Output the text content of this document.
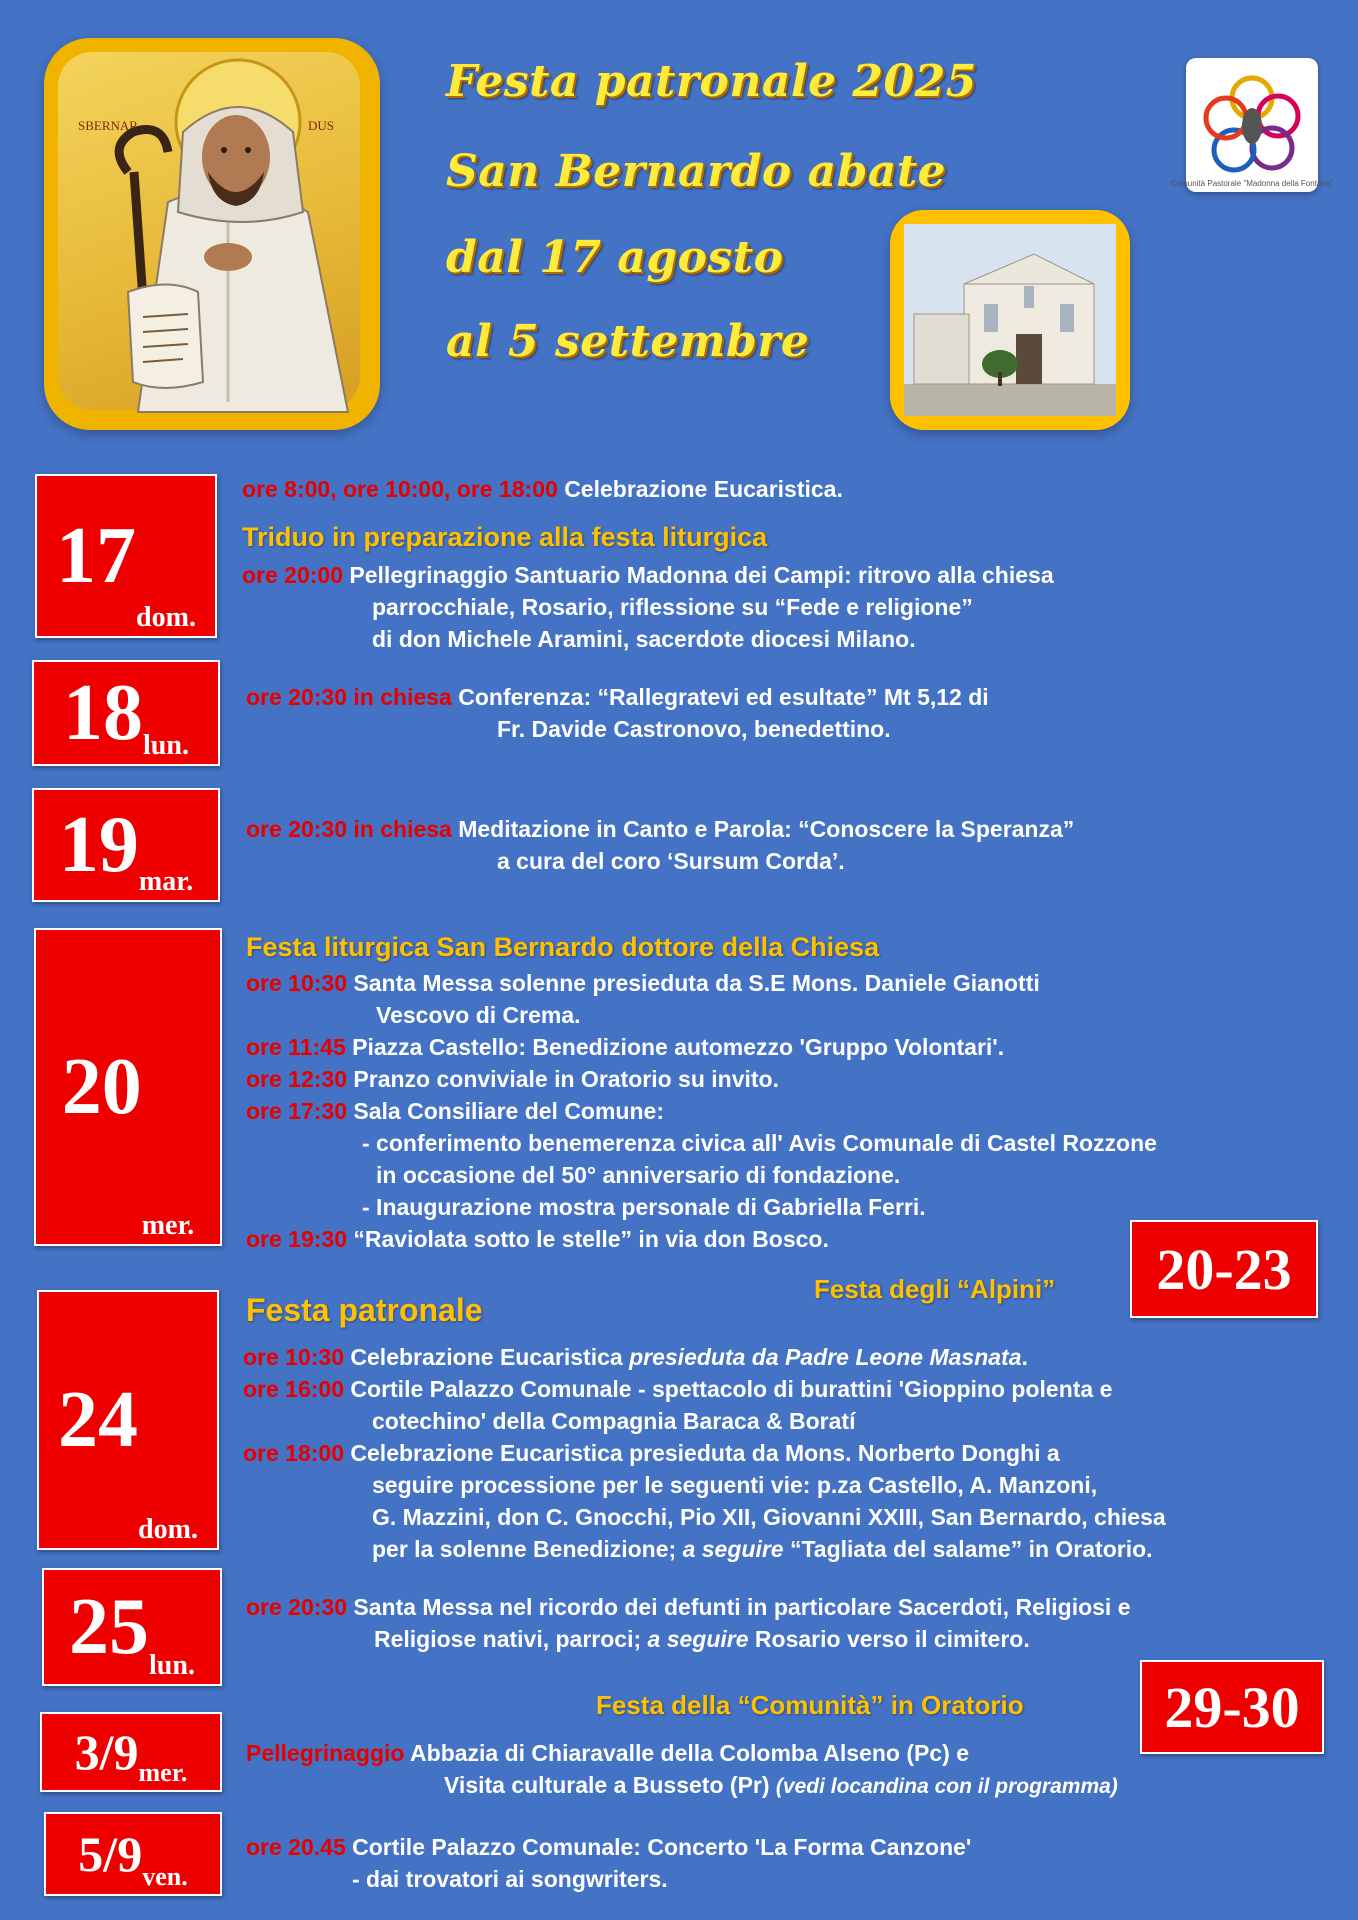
SBERNAR	DUS
Festa patronale 2025
San Bernardo abate
dal 17 agosto
al 5 settembre
Comunità Pastorale "Madonna della Fontana"
17
dom.
18 lun.
19 mar.
20
mer.
24
dom.
25 lun.
3/9 mer.
5/9 ven.
20-23
29-30
ore 8:00, ore 10:00, ore 18:00 Celebrazione Eucaristica.
Triduo in preparazione alla festa liturgica
ore 20:00 Pellegrinaggio Santuario Madonna dei Campi: ritrovo alla chiesa
parrocchiale, Rosario, riflessione su “Fede e religione”
di don Michele Aramini, sacerdote diocesi Milano.
ore 20:30 in chiesa Conferenza: “Rallegratevi ed esultate” Mt 5,12 di
Fr. Davide Castronovo, benedettino.
ore 20:30 in chiesa Meditazione in Canto e Parola: “Conoscere la Speranza”
a cura del coro ‘Sursum Corda’.
Festa liturgica San Bernardo dottore della Chiesa
ore 10:30 Santa Messa solenne presieduta da S.E Mons. Daniele Gianotti
Vescovo di Crema.
ore 11:45 Piazza Castello: Benedizione automezzo 'Gruppo Volontari'.
ore 12:30 Pranzo conviviale in Oratorio su invito.
ore 17:30 Sala Consiliare del Comune:
- conferimento benemerenza civica all' Avis Comunale di Castel Rozzone
in occasione del 50° anniversario di fondazione.
- Inaugurazione mostra personale di Gabriella Ferri.
ore 19:30 “Raviolata sotto le stelle” in via don Bosco.
Festa degli “Alpini”
Festa patronale
ore 10:30 Celebrazione Eucaristica presieduta da Padre Leone Masnata.
ore 16:00 Cortile Palazzo Comunale - spettacolo di burattini 'Gioppino polenta e
cotechino' della Compagnia Baraca & Boratí
ore 18:00 Celebrazione Eucaristica presieduta da Mons. Norberto Donghi a
seguire processione per le seguenti vie: p.za Castello, A. Manzoni,
G. Mazzini, don C. Gnocchi, Pio XII, Giovanni XXIII, San Bernardo, chiesa
per la solenne Benedizione; a seguire “Tagliata del salame” in Oratorio.
ore 20:30 Santa Messa nel ricordo dei defunti in particolare Sacerdoti, Religiosi e
Religiose nativi, parroci; a seguire Rosario verso il cimitero.
Festa della “Comunità” in Oratorio
Pellegrinaggio Abbazia di Chiaravalle della Colomba Alseno (Pc) e
Visita culturale a Busseto (Pr) (vedi locandina con il programma)
ore 20.45 Cortile Palazzo Comunale: Concerto 'La Forma Canzone'
- dai trovatori ai songwriters.
